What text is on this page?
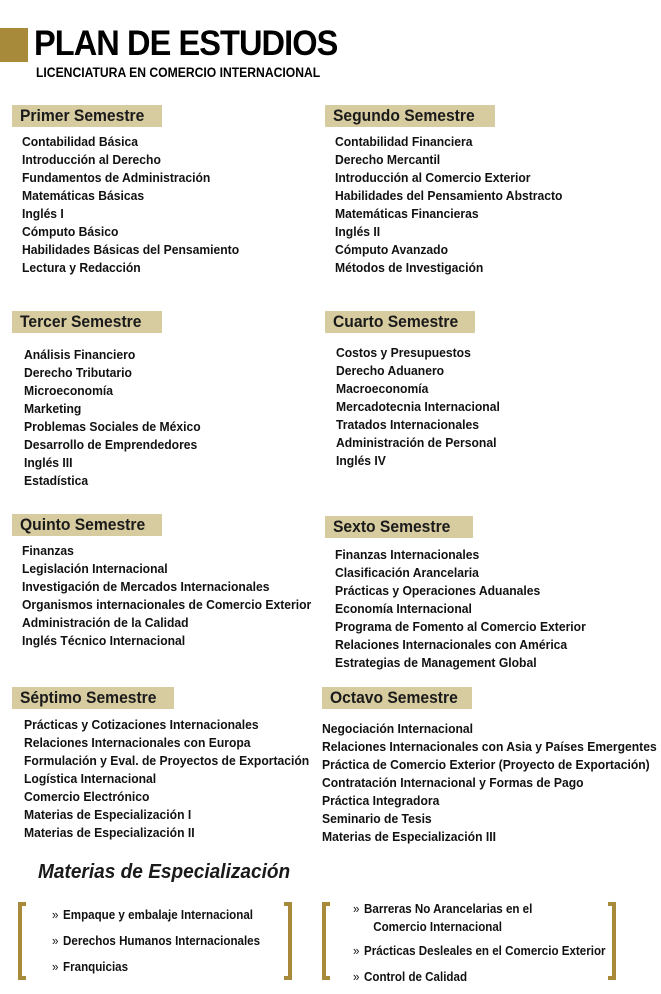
PLAN DE ESTUDIOS
LICENCIATURA EN COMERCIO INTERNACIONAL
Primer Semestre
Contabilidad Básica
Introducción al Derecho
Fundamentos de Administración
Matemáticas Básicas
Inglés I
Cómputo Básico
Habilidades Básicas del Pensamiento
Lectura y Redacción
Segundo Semestre
Contabilidad Financiera
Derecho Mercantil
Introducción al Comercio Exterior
Habilidades del Pensamiento Abstracto
Matemáticas Financieras
Inglés II
Cómputo Avanzado
Métodos de Investigación
Tercer Semestre
Análisis Financiero
Derecho Tributario
Microeconomía
Marketing
Problemas Sociales de México
Desarrollo de Emprendedores
Inglés III
Estadística
Cuarto Semestre
Costos y Presupuestos
Derecho Aduanero
Macroeconomía
Mercadotecnia Internacional
Tratados Internacionales
Administración de Personal
Inglés IV
Quinto Semestre
Finanzas
Legislación Internacional
Investigación de Mercados Internacionales
Organismos internacionales de Comercio Exterior
Administración de la Calidad
Inglés Técnico Internacional
Sexto Semestre
Finanzas Internacionales
Clasificación Arancelaria
Prácticas y Operaciones Aduanales
Economía Internacional
Programa de Fomento al Comercio Exterior
Relaciones Internacionales con América
Estrategias de Management Global
Séptimo Semestre
Prácticas y Cotizaciones Internacionales
Relaciones Internacionales con Europa
Formulación y Eval. de Proyectos de Exportación
Logística Internacional
Comercio Electrónico
Materias de Especialización I
Materias de Especialización II
Octavo Semestre
Negociación Internacional
Relaciones Internacionales con Asia y Países Emergentes
Práctica de Comercio Exterior (Proyecto de Exportación)
Contratación Internacional y Formas de Pago
Práctica Integradora
Seminario de Tesis
Materias de Especialización III
Materias de Especialización
» Empaque y embalaje Internacional
» Derechos Humanos Internacionales
» Franquicias
» Barreras No Arancelarias en el
Comercio Internacional
» Prácticas Desleales en el Comercio Exterior
» Control de Calidad
